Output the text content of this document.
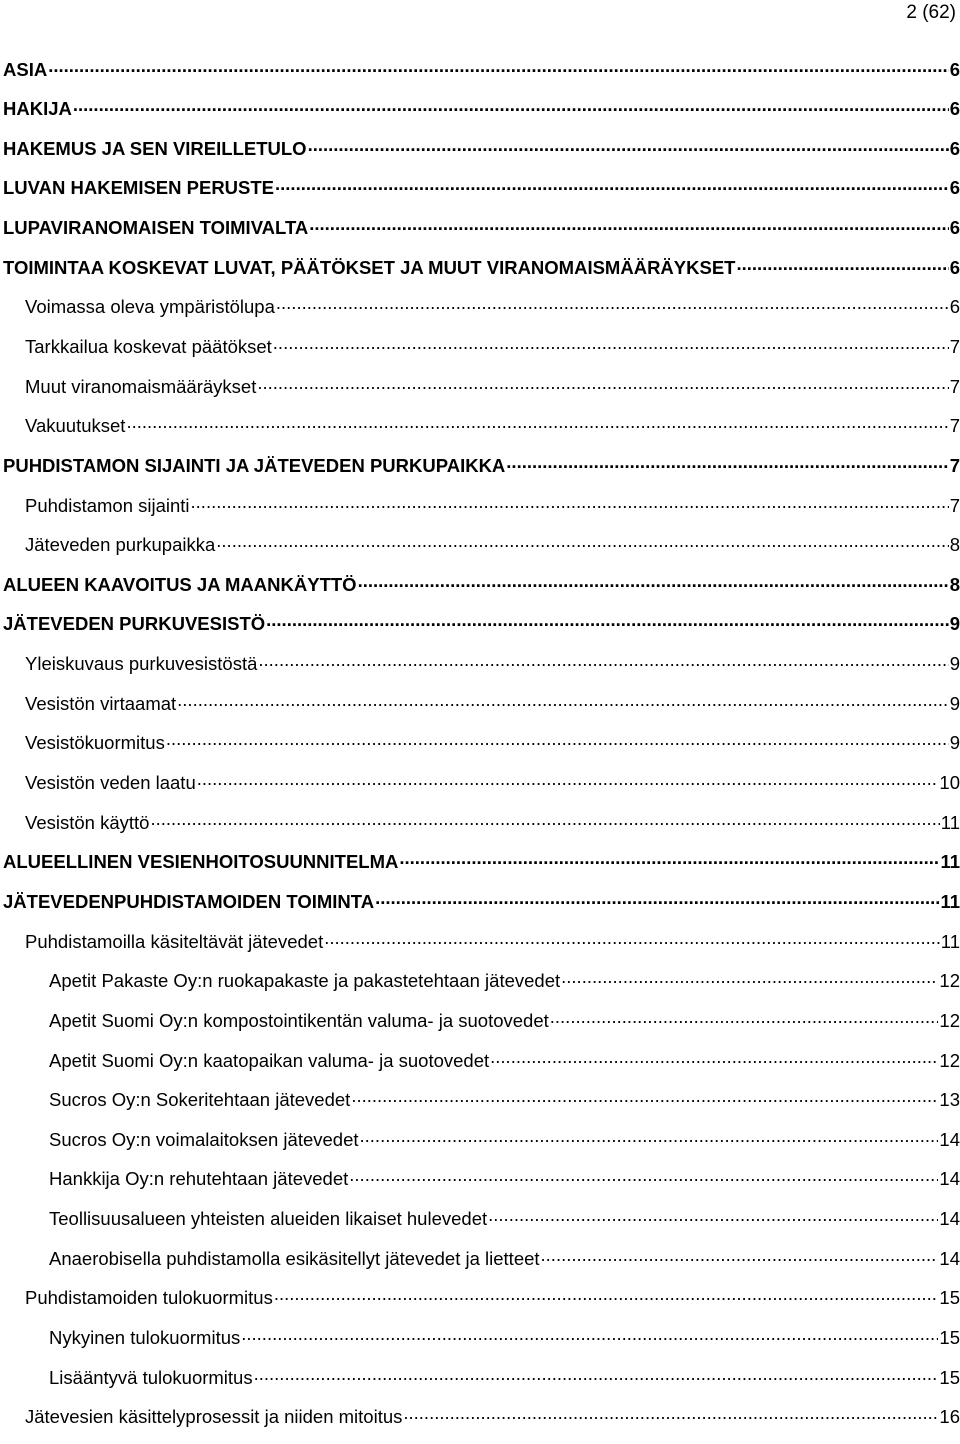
2 (62)
ASIA .....	6
HAKIJA .....	6
HAKEMUS JA SEN VIREILLETULO .....	6
LUVAN HAKEMISEN PERUSTE .....	6
LUPAVIRANOMAISEN TOIMIVALTA .....	6
TOIMINTAA KOSKEVAT LUVAT, PÄÄTÖKSET JA MUUT VIRANOMAISMÄÄRÄYKSET .....	6
Voimassa oleva ympäristölupa .....	6
Tarkkailua koskevat päätökset .....	7
Muut viranomaismääräykset .....	7
Vakuutukset .....	7
PUHDISTAMON SIJAINTI JA JÄTEVEDEN PURKUPAIKKA .....	7
Puhdistamon sijainti .....	7
Jäteveden purkupaikka .....	8
ALUEEN KAAVOITUS JA MAANKÄYTTÖ .....	8
JÄTEVEDEN PURKUVESISTÖ .....	9
Yleiskuvaus purkuvesistöstä .....	9
Vesistön virtaamat .....	9
Vesistökuormitus .....	9
Vesistön veden laatu .....	10
Vesistön käyttö .....	11
ALUEELLINEN VESIENHOITOSUUNNITELMA .....	11
JÄTEVEDENPUHDISTAMOIDEN TOIMINTA .....	11
Puhdistamoilla käsiteltävät jätevedet .....	11
Apetit Pakaste Oy:n ruokapakaste ja pakastetehtaan jätevedet .....	12
Apetit Suomi Oy:n kompostointikentän valuma- ja suotovedet .....	12
Apetit Suomi Oy:n kaatopaikan valuma- ja suotovedet .....	12
Sucros Oy:n Sokeritehtaan jätevedet .....	13
Sucros Oy:n voimalaitoksen jätevedet .....	14
Hankkija Oy:n rehutehtaan jätevedet .....	14
Teollisuusalueen yhteisten alueiden likaiset hulevedet .....	14
Anaerobisella puhdistamolla esikäsitellyt jätevedet ja lietteet .....	14
Puhdistamoiden tulokuormitus .....	15
Nykyinen tulokuormitus .....	15
Lisääntyvä tulokuormitus .....	15
Jätevesien käsittelyprosessit ja niiden mitoitus .....	16
